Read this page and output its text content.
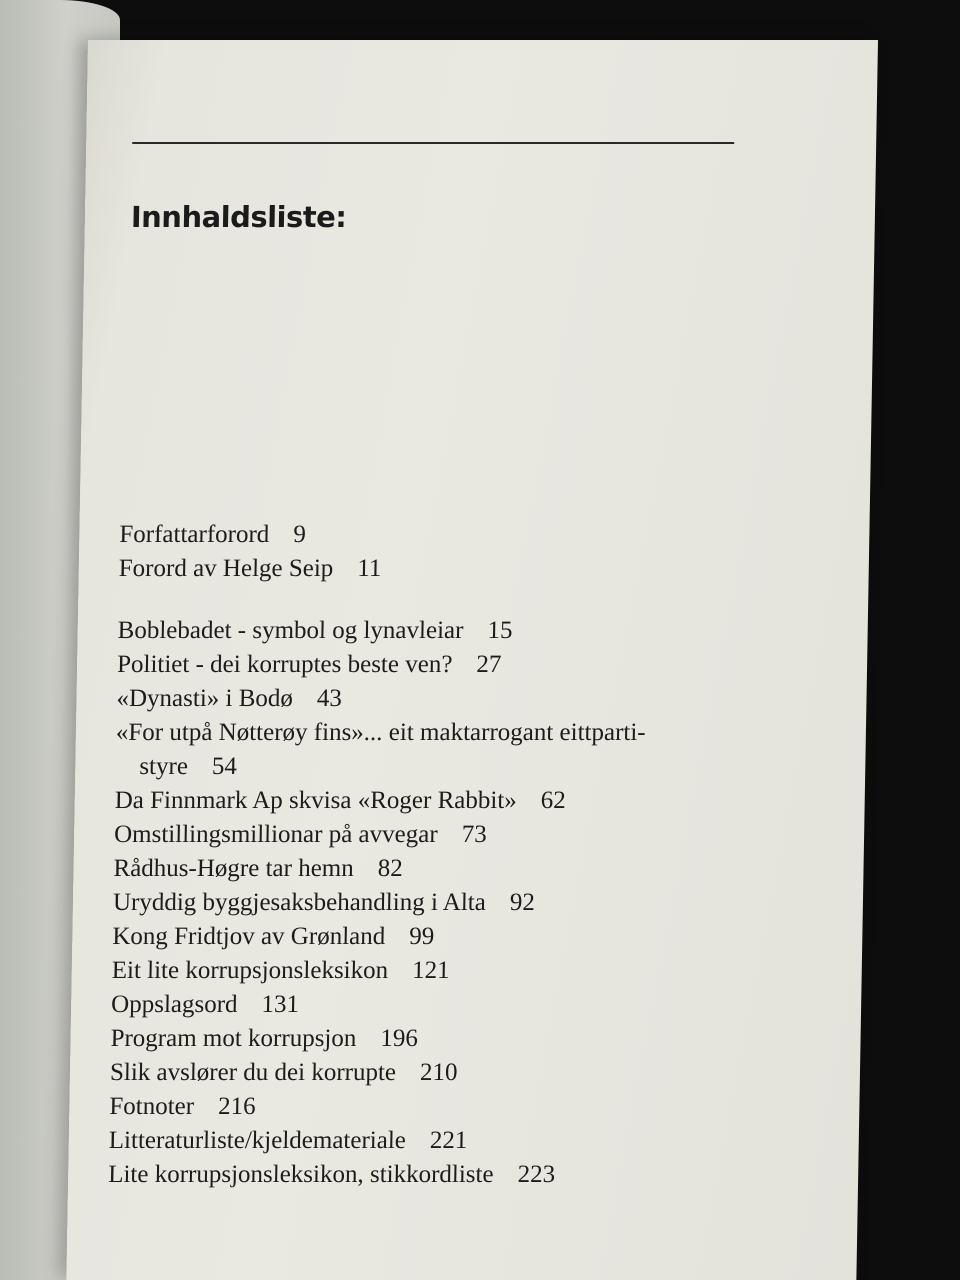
Innhaldsliste:
Forfattarforord 9
Forord av Helge Seip 11
Boblebadet - symbol og lynavleiar 15
Politiet - dei korruptes beste ven? 27
«Dynasti» i Bodø 43
«For utpå Nøtterøy fins»... eit maktarrogant eittparti-
styre 54
Da Finnmark Ap skvisa «Roger Rabbit» 62
Omstillingsmillionar på avvegar 73
Rådhus-Høgre tar hemn 82
Uryddig byggjesaksbehandling i Alta 92
Kong Fridtjov av Grønland 99
Eit lite korrupsjonsleksikon 121
Oppslagsord 131
Program mot korrupsjon 196
Slik avslører du dei korrupte 210
Fotnoter 216
Litteraturliste/kjeldemateriale 221
Lite korrupsjonsleksikon, stikkordliste 223
